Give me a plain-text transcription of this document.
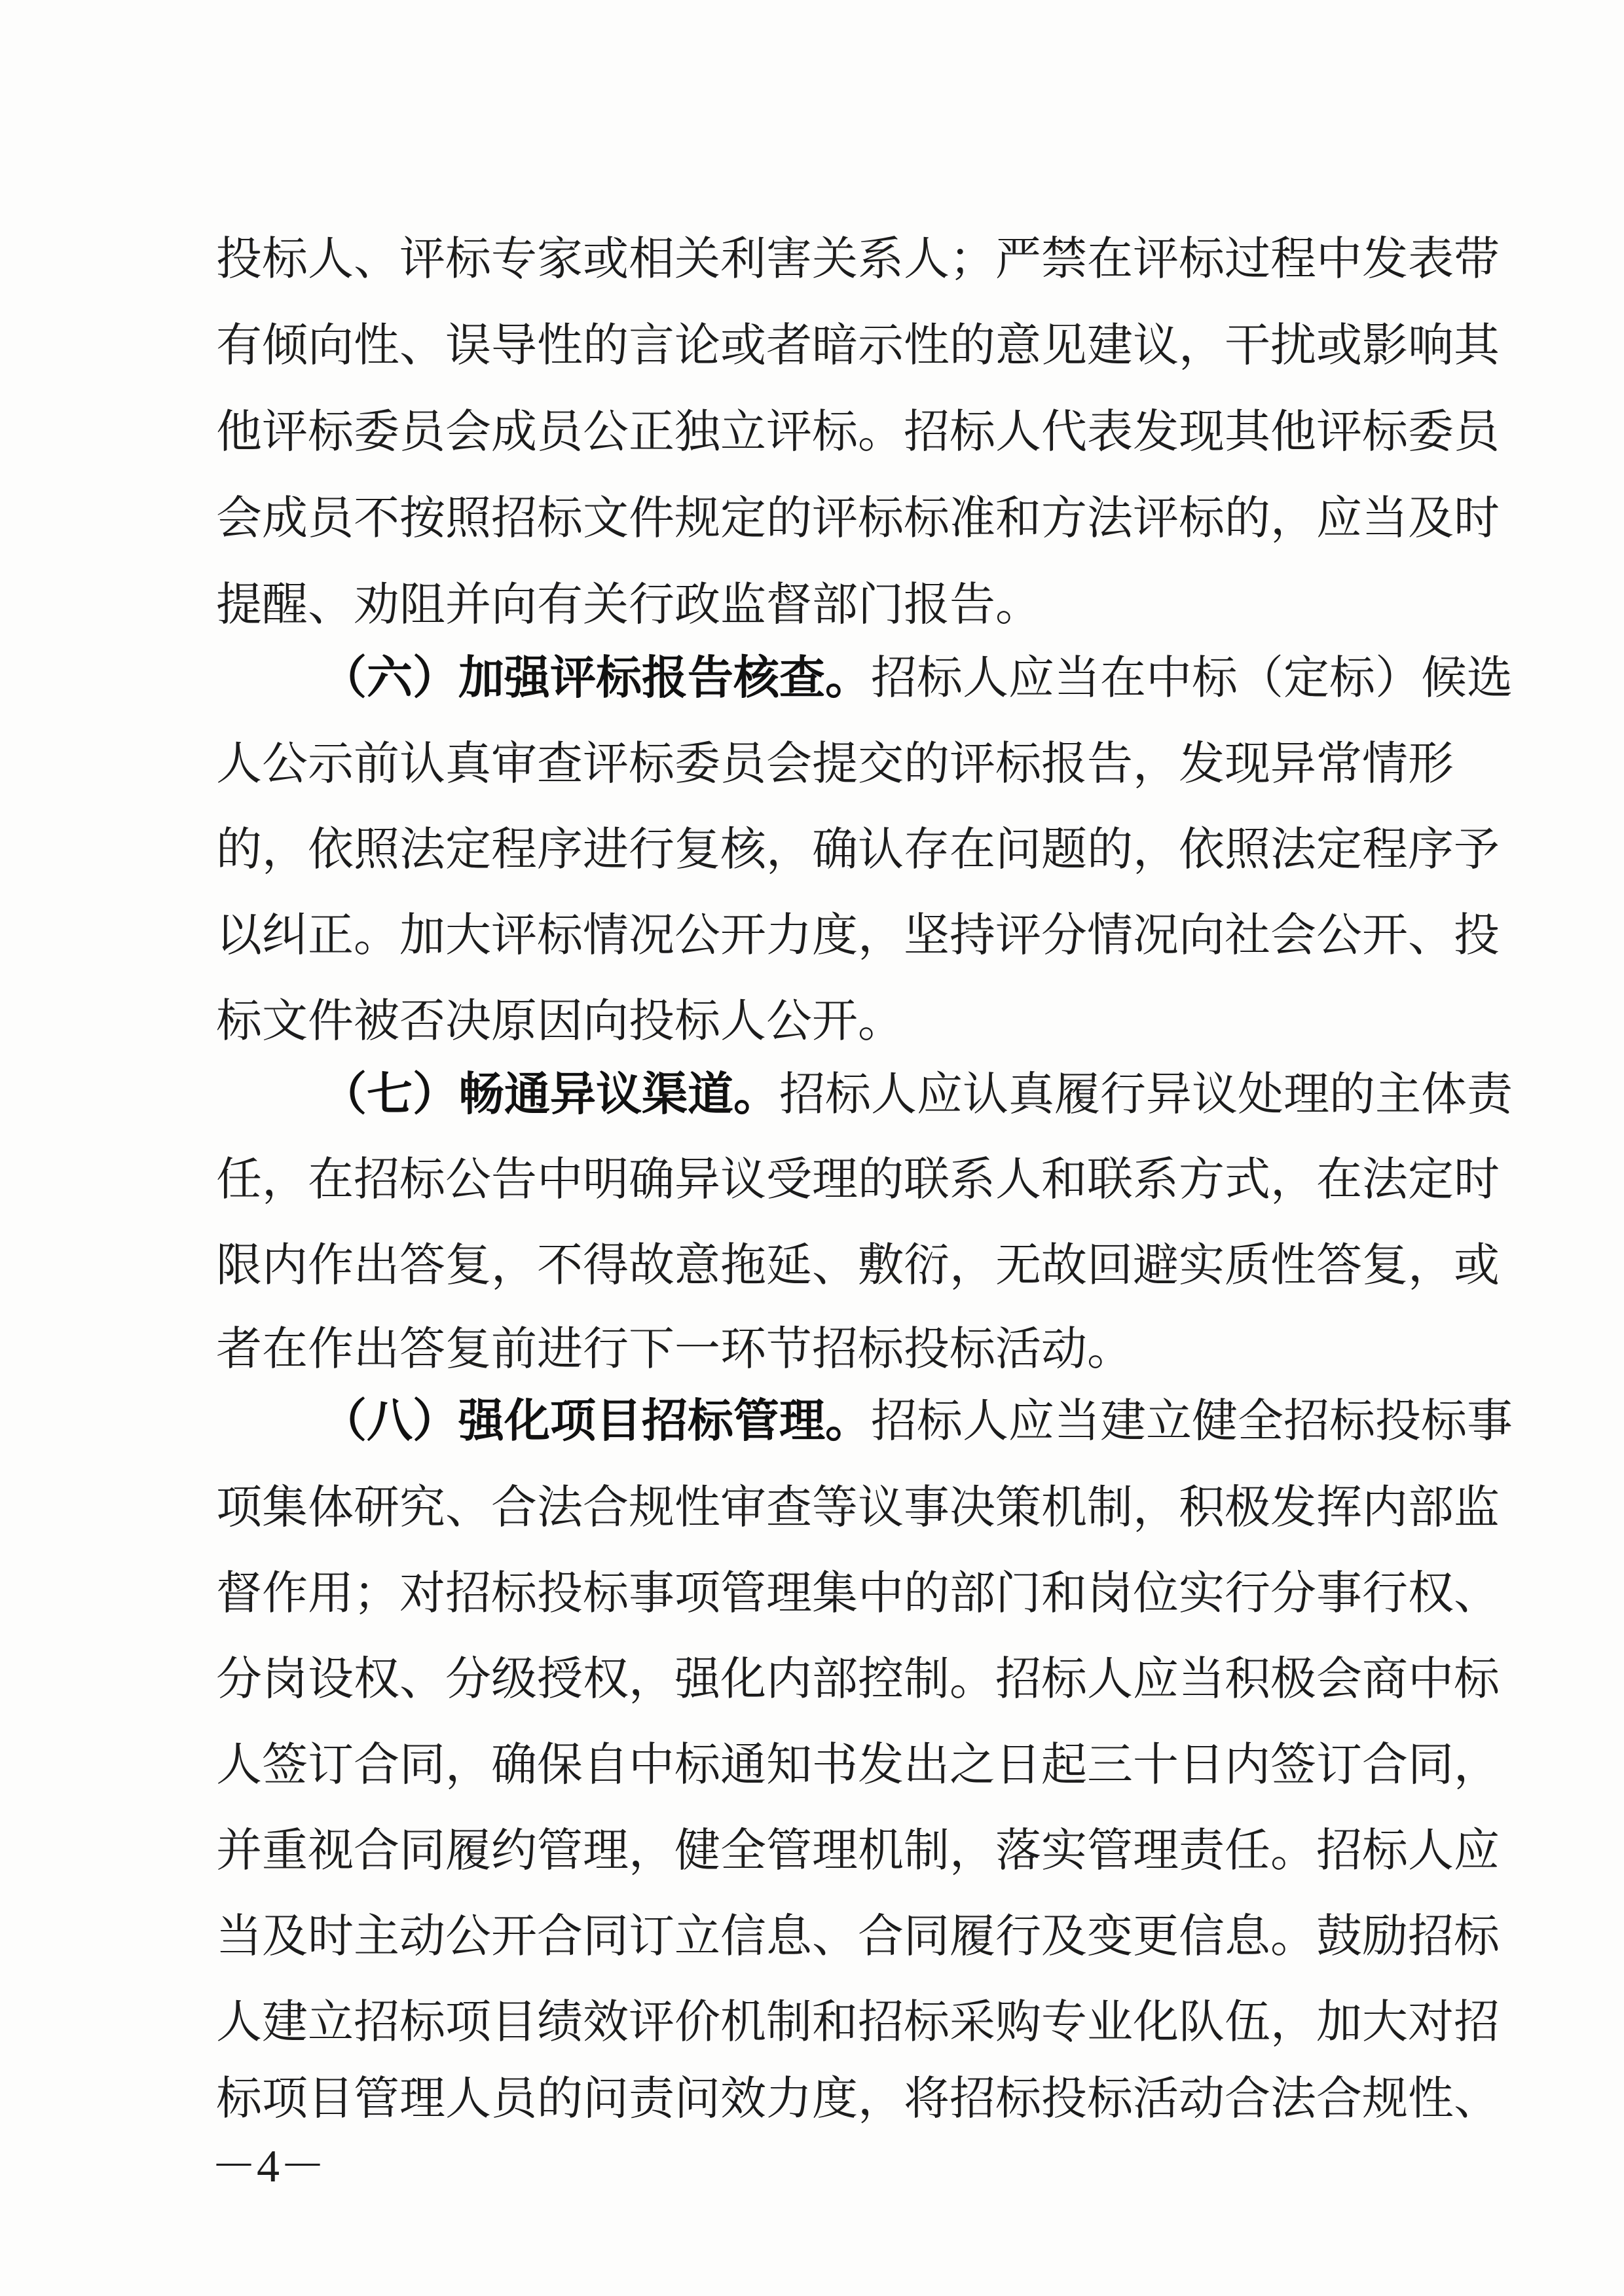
投标人、评标专家或相关利害关系人；严禁在评标过程中发表带

有倾向性、误导性的言论或者暗示性的意见建议，干扰或影响其

他评标委员会成员公正独立评标。招标人代表发现其他评标委员

会成员不按照招标文件规定的评标标准和方法评标的，应当及时

提醒、劝阻并向有关行政监督部门报告。

（六）加强评标报告核查。招标人应当在中标（定标）候选

人公示前认真审查评标委员会提交的评标报告，发现异常情形

的，依照法定程序进行复核，确认存在问题的，依照法定程序予

以纠正。加大评标情况公开力度，坚持评分情况向社会公开、投

标文件被否决原因向投标人公开。

（七）畅通异议渠道。招标人应认真履行异议处理的主体责

任，在招标公告中明确异议受理的联系人和联系方式，在法定时

限内作出答复，不得故意拖延、敷衍，无故回避实质性答复，或

者在作出答复前进行下一环节招标投标活动。

（八）强化项目招标管理。招标人应当建立健全招标投标事

项集体研究、合法合规性审查等议事决策机制，积极发挥内部监

督作用；对招标投标事项管理集中的部门和岗位实行分事行权、

分岗设权、分级授权，强化内部控制。招标人应当积极会商中标

人签订合同，确保自中标通知书发出之日起三十日内签订合同，

并重视合同履约管理，健全管理机制，落实管理责任。招标人应

当及时主动公开合同订立信息、合同履行及变更信息。鼓励招标

人建立招标项目绩效评价机制和招标采购专业化队伍，加大对招

标项目管理人员的问责问效力度，将招标投标活动合法合规性、

－4－
